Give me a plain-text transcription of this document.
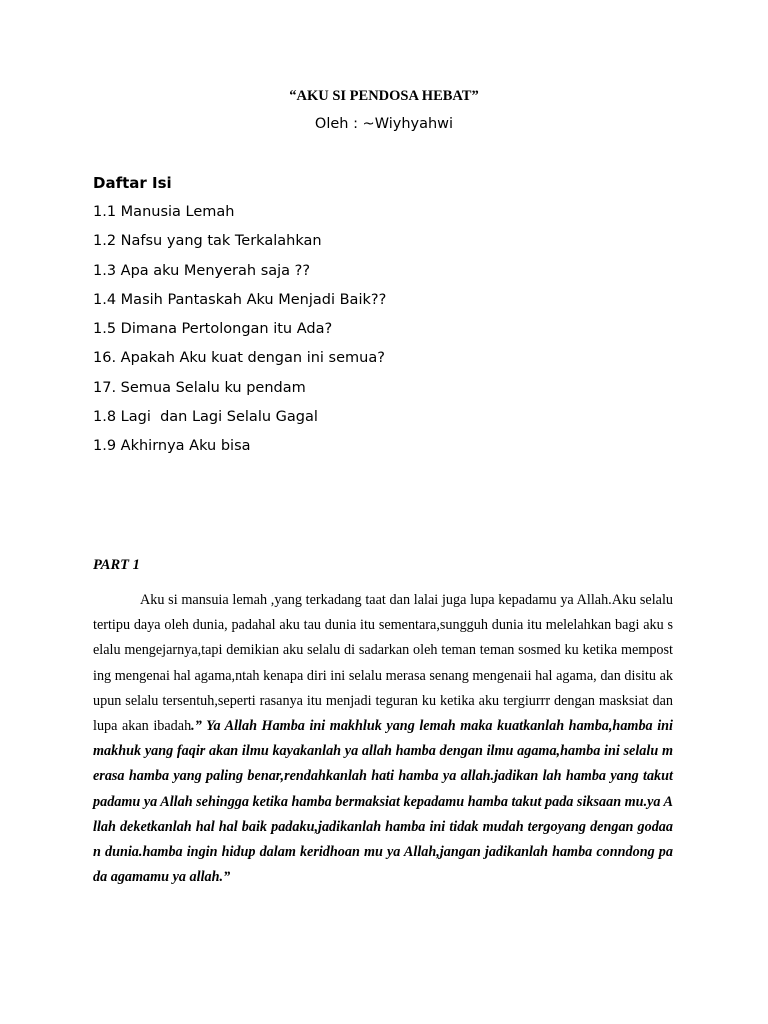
“AKU SI PENDOSA HEBAT”
Oleh : ~Wiyhyahwi
Daftar Isi
1.1 Manusia Lemah
1.2 Nafsu yang tak Terkalahkan
1.3 Apa aku Menyerah saja ??
1.4 Masih Pantaskah Aku Menjadi Baik??
1.5 Dimana Pertolongan itu Ada?
16. Apakah Aku kuat dengan ini semua?
17. Semua Selalu ku pendam
1.8 Lagi  dan Lagi Selalu Gagal
1.9 Akhirnya Aku bisa
PART 1

Aku si mansuia lemah ,yang terkadang taat dan lalai juga lupa kepadamu ya Allah.Aku selalu tertipu daya oleh dunia, padahal aku tau dunia itu sementara,sungguh dunia itu melelahkan bagi aku selalu mengejarnya,tapi demikian aku selalu di sadarkan oleh teman teman sosmed ku ketika memposting mengenai hal agama,ntah kenapa diri ini selalu merasa senang mengenaii hal agama, dan disitu akupun selalu tersentuh,seperti rasanya itu menjadi teguran ku ketika aku tergiurrr dengan masksiat dan lupa akan ibadah.” Ya Allah Hamba ini makhluk yang lemah maka kuatkanlah hamba,hamba ini makhuk yang faqir akan ilmu kayakanlah ya allah hamba dengan ilmu agama,hamba ini selalu merasa hamba yang paling benar,rendahkanlah hati hamba ya allah.jadikan lah hamba yang takut padamu ya Allah sehingga ketika hamba bermaksiat kepadamu hamba takut pada siksaan mu.ya Allah deketkanlah hal hal baik padaku,jadikanlah hamba ini tidak mudah tergoyang dengan godaan dunia.hamba ingin hidup dalam keridhoan mu ya Allah,jangan jadikanlah hamba conndong pada agamamu ya allah.”
